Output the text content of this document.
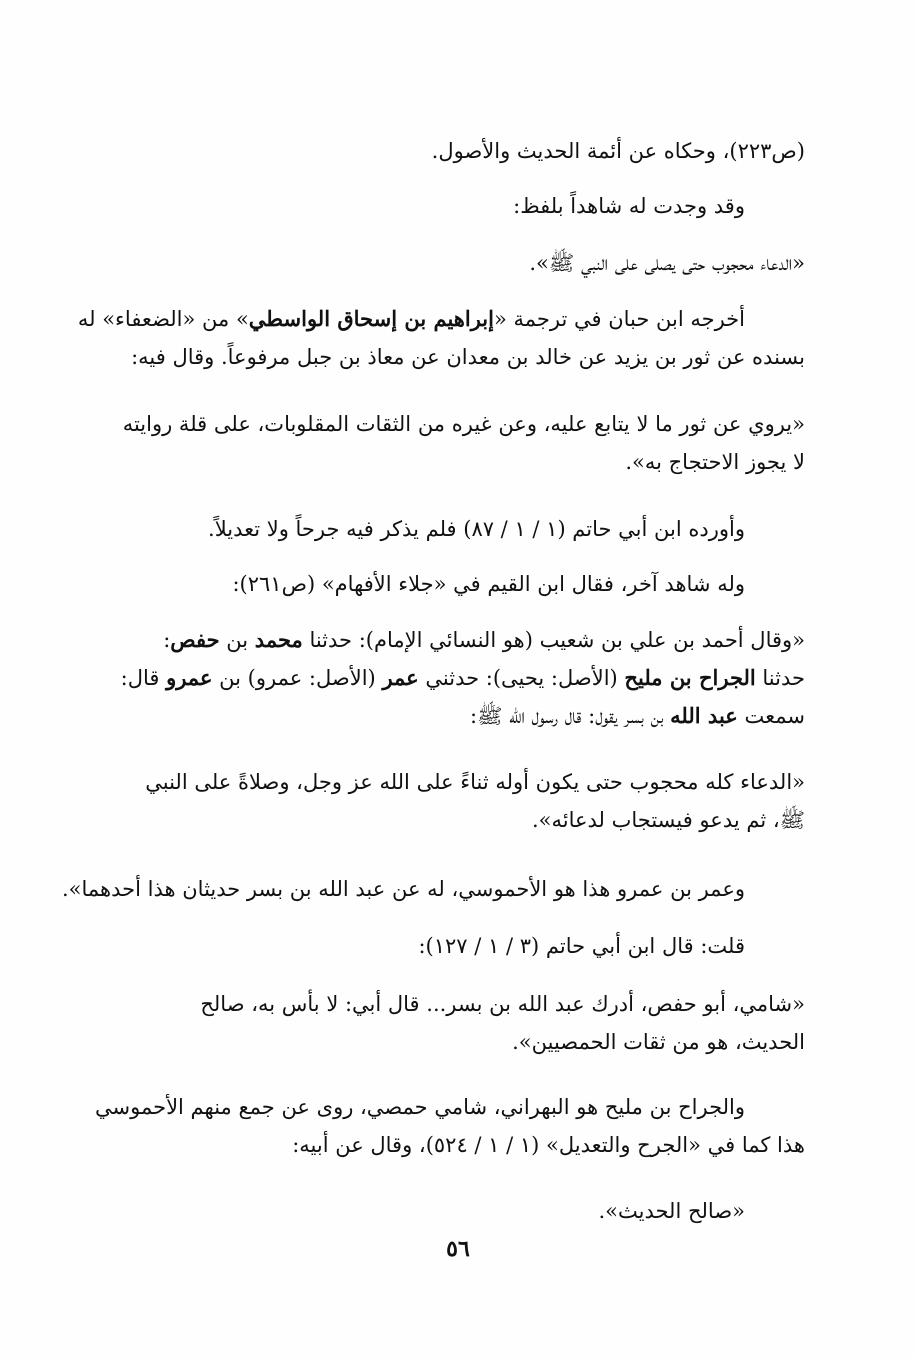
(ص٢٢٣)، وحكاه عن أئمة الحديث والأصول.
وقد وجدت له شاهداً بلفظ:
«الدعاء محجوب حتى يصلى على النبي ﷺ».
أخرجه ابن حبان في ترجمة «إبراهيم بن إسحاق الواسطي» من «الضعفاء» له
بسنده عن ثور بن يزيد عن خالد بن معدان عن معاذ بن جبل مرفوعاً. وقال فيه:
«يروي عن ثور ما لا يتابع عليه، وعن غيره من الثقات المقلوبات، على قلة روايته
لا يجوز الاحتجاج به».
وأورده ابن أبي حاتم (١ / ١ / ٨٧) فلم يذكر فيه جرحاً ولا تعديلاً.
وله شاهد آخر، فقال ابن القيم في «جلاء الأفهام» (ص٢٦١):
«وقال أحمد بن علي بن شعيب (هو النسائي الإمام): حدثنا محمد بن حفص:
حدثنا الجراح بن مليح (الأصل: يحيى): حدثني عمر (الأصل: عمرو) بن عمرو قال:
سمعت عبد الله بن بسر يقول: قال رسول الله ﷺ:
«الدعاء كله محجوب حتى يكون أوله ثناءً على الله عز وجل، وصلاةً على النبي
ﷺ، ثم يدعو فيستجاب لدعائه».
وعمر بن عمرو هذا هو الأحموسي، له عن عبد الله بن بسر حديثان هذا أحدهما».
قلت: قال ابن أبي حاتم (٣ / ١ / ١٢٧):
«شامي، أبو حفص، أدرك عبد الله بن بسر... قال أبي: لا بأس به، صالح
الحديث، هو من ثقات الحمصيين».
والجراح بن مليح هو البهراني، شامي حمصي، روى عن جمع منهم الأحموسي
هذا كما في «الجرح والتعديل» (١ / ١ / ٥٢٤)، وقال عن أبيه:
«صالح الحديث».
٥٦
